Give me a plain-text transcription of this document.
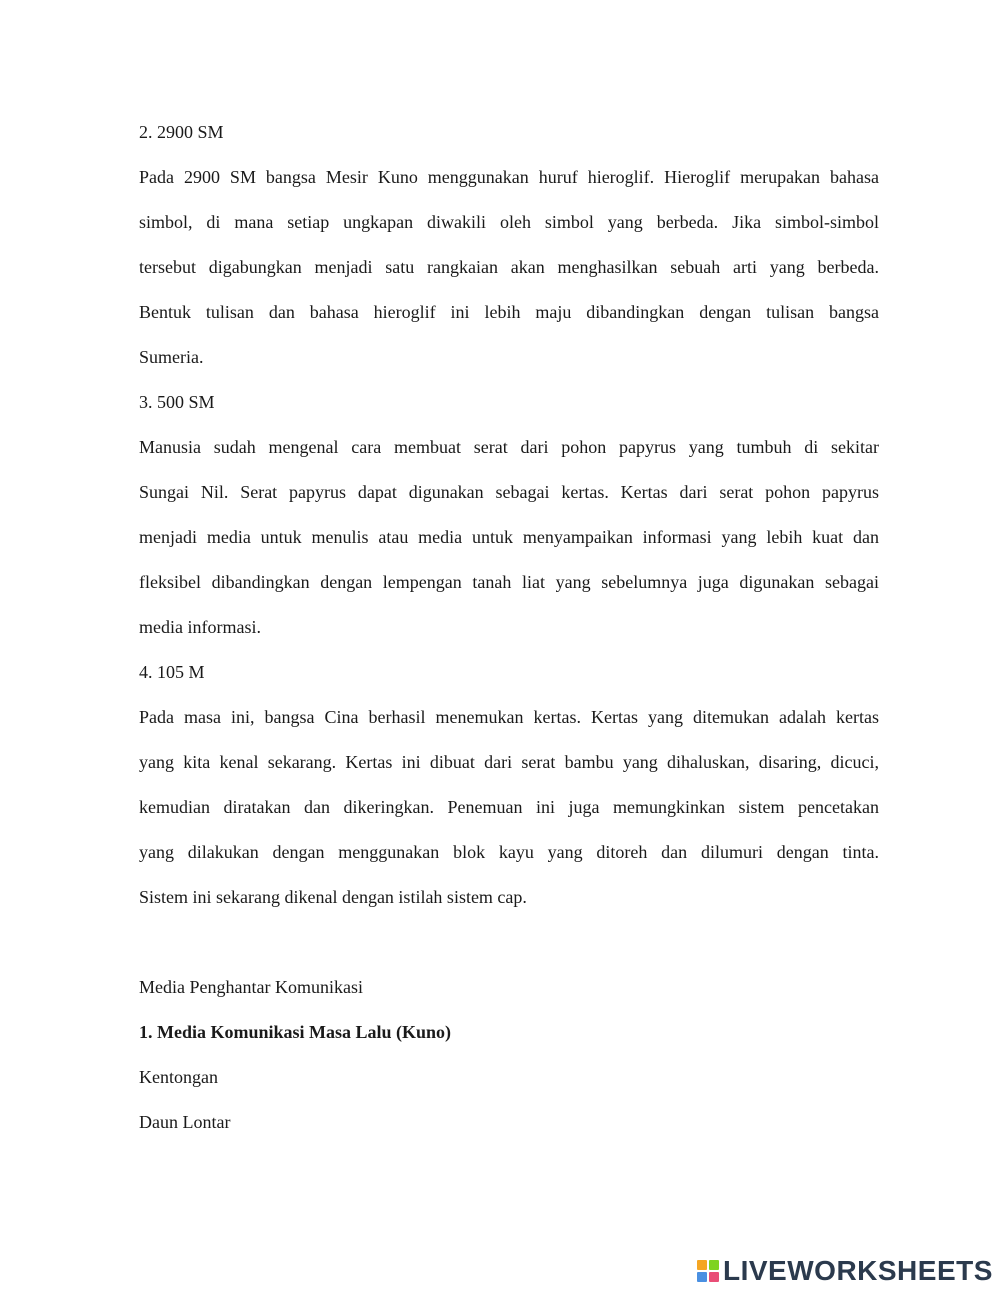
2. 2900 SM
Pada 2900 SM bangsa Mesir Kuno menggunakan huruf hieroglif. Hieroglif merupakan bahasa
simbol, di mana setiap ungkapan diwakili oleh simbol yang berbeda. Jika simbol-simbol
tersebut digabungkan menjadi satu rangkaian akan menghasilkan sebuah arti yang berbeda.
Bentuk tulisan dan bahasa hieroglif ini lebih maju dibandingkan dengan tulisan bangsa
Sumeria.
3. 500 SM
Manusia sudah mengenal cara membuat serat dari pohon papyrus yang tumbuh di sekitar
Sungai Nil. Serat papyrus dapat digunakan sebagai kertas. Kertas dari serat pohon papyrus
menjadi media untuk menulis atau media untuk menyampaikan informasi yang lebih kuat dan
fleksibel dibandingkan dengan lempengan tanah liat yang sebelumnya juga digunakan sebagai
media informasi.
4. 105 M
Pada masa ini, bangsa Cina berhasil menemukan kertas. Kertas yang ditemukan adalah kertas
yang kita kenal sekarang. Kertas ini dibuat dari serat bambu yang dihaluskan, disaring, dicuci,
kemudian diratakan dan dikeringkan. Penemuan ini juga memungkinkan sistem pencetakan
yang dilakukan dengan menggunakan blok kayu yang ditoreh dan dilumuri dengan tinta.
Sistem ini sekarang dikenal dengan istilah sistem cap.
Media Penghantar Komunikasi
1. Media Komunikasi Masa Lalu (Kuno)
Kentongan
Daun Lontar
LIVEWORKSHEETS
